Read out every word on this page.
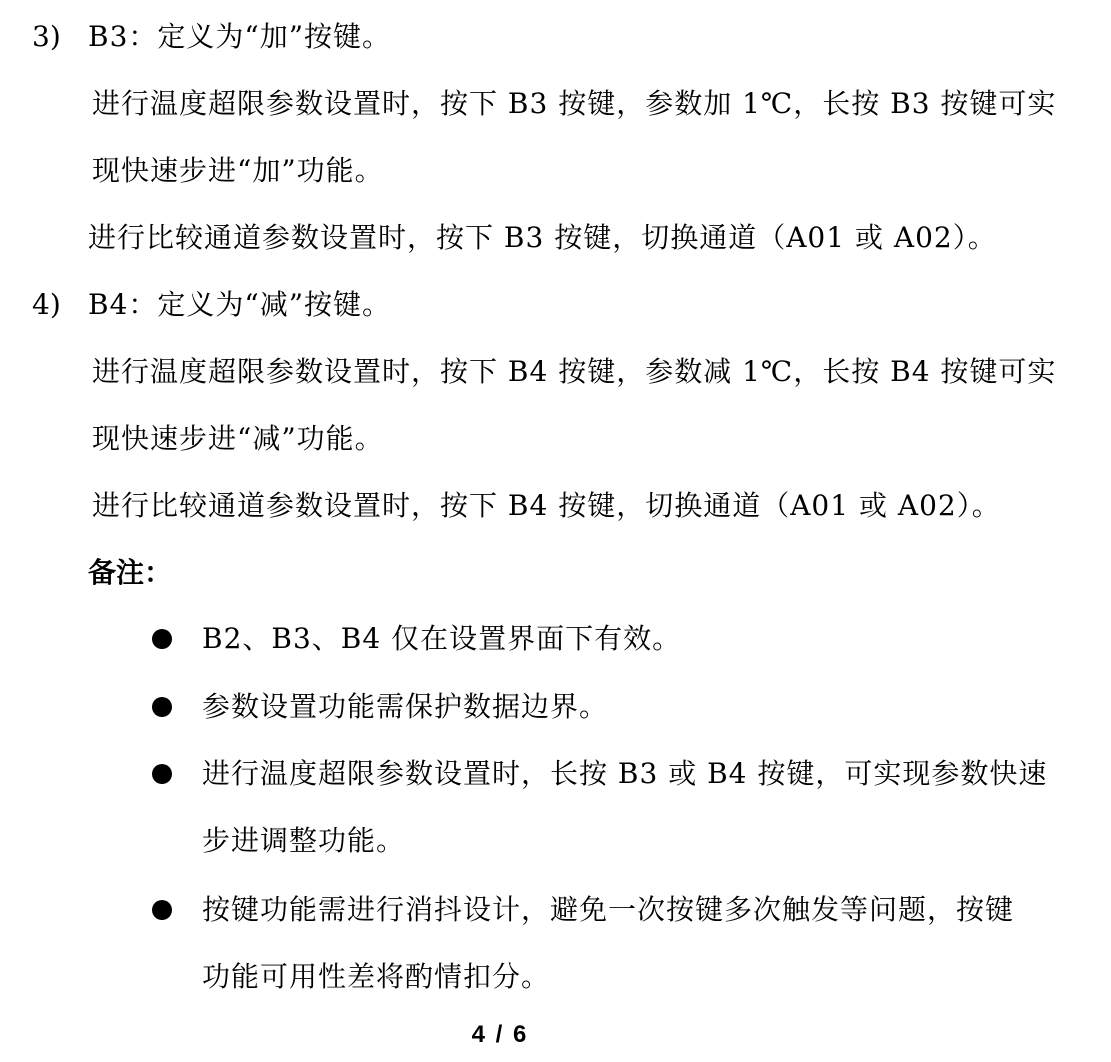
3) B3：定义为“加”按键。
进行温度超限参数设置时，按下 B3 按键，参数加 1℃，长按 B3 按键可实
现快速步进“加”功能。
进行比较通道参数设置时，按下 B3 按键，切换通道（A01 或 A02）。
4) B4：定义为“减”按键。
进行温度超限参数设置时，按下 B4 按键，参数减 1℃，长按 B4 按键可实
现快速步进“减”功能。
进行比较通道参数设置时，按下 B4 按键，切换通道（A01 或 A02）。
备注：
B2、B3、B4 仅在设置界面下有效。
参数设置功能需保护数据边界。
进行温度超限参数设置时，长按 B3 或 B4 按键，可实现参数快速
步进调整功能。
按键功能需进行消抖设计，避免一次按键多次触发等问题，按键
功能可用性差将酌情扣分。
4 / 6
